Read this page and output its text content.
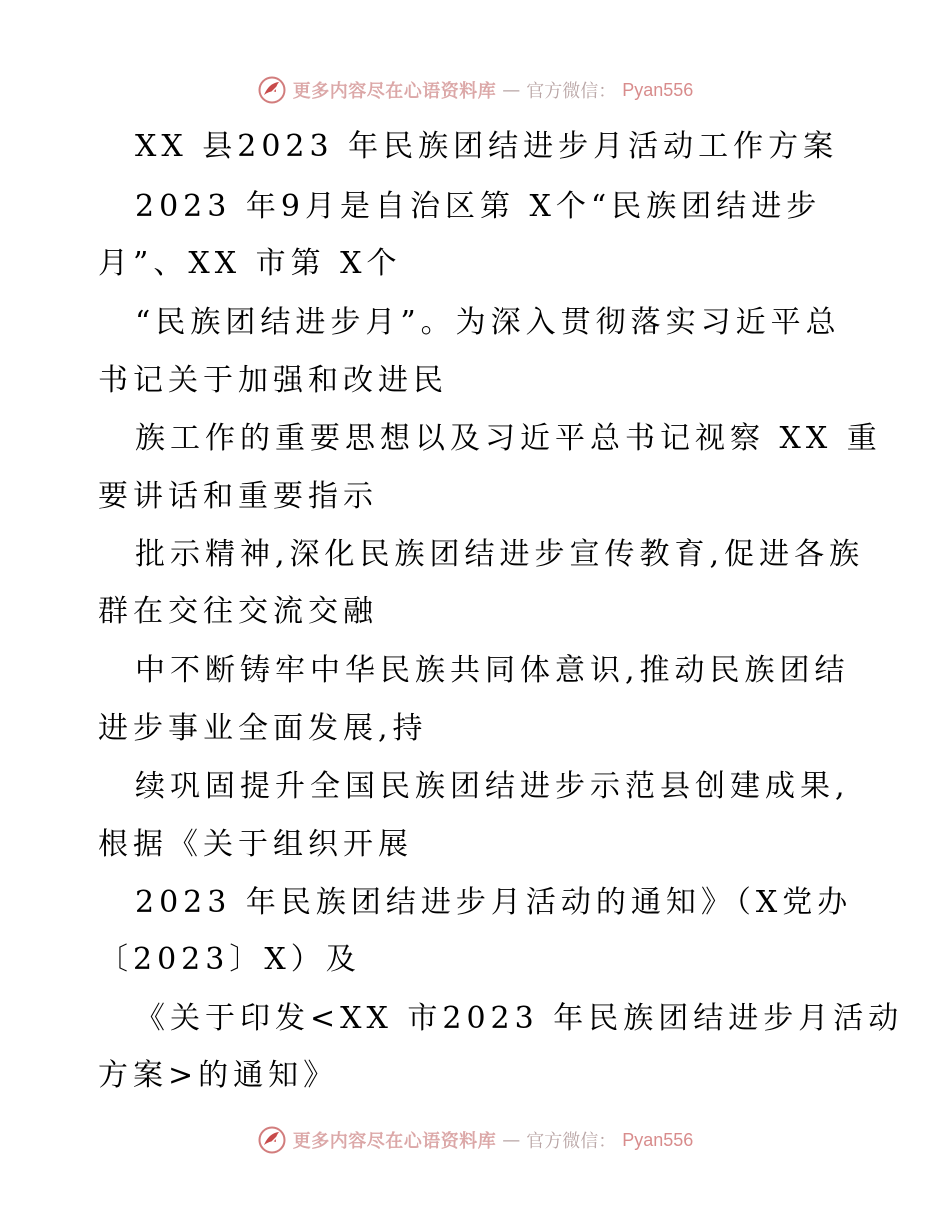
更多内容尽在心语资料库 — 官方微信： Pyan556
XX 县2023 年民族团结进步月活动工作方案
2023 年9月是自治区第 X个“民族团结进步
月”、XX 市第 X个
“民族团结进步月”。为深入贯彻落实习近平总
书记关于加强和改进民
族工作的重要思想以及习近平总书记视察 XX 重
要讲话和重要指示
批示精神,深化民族团结进步宣传教育,促进各族
群在交往交流交融
中不断铸牢中华民族共同体意识,推动民族团结
进步事业全面发展,持
续巩固提升全国民族团结进步示范县创建成果,
根据《关于组织开展
2023 年民族团结进步月活动的通知》（X党办
〔2023〕X）及
《关于印发<XX 市2023 年民族团结进步月活动
方案>的通知》
更多内容尽在心语资料库 — 官方微信： Pyan556
